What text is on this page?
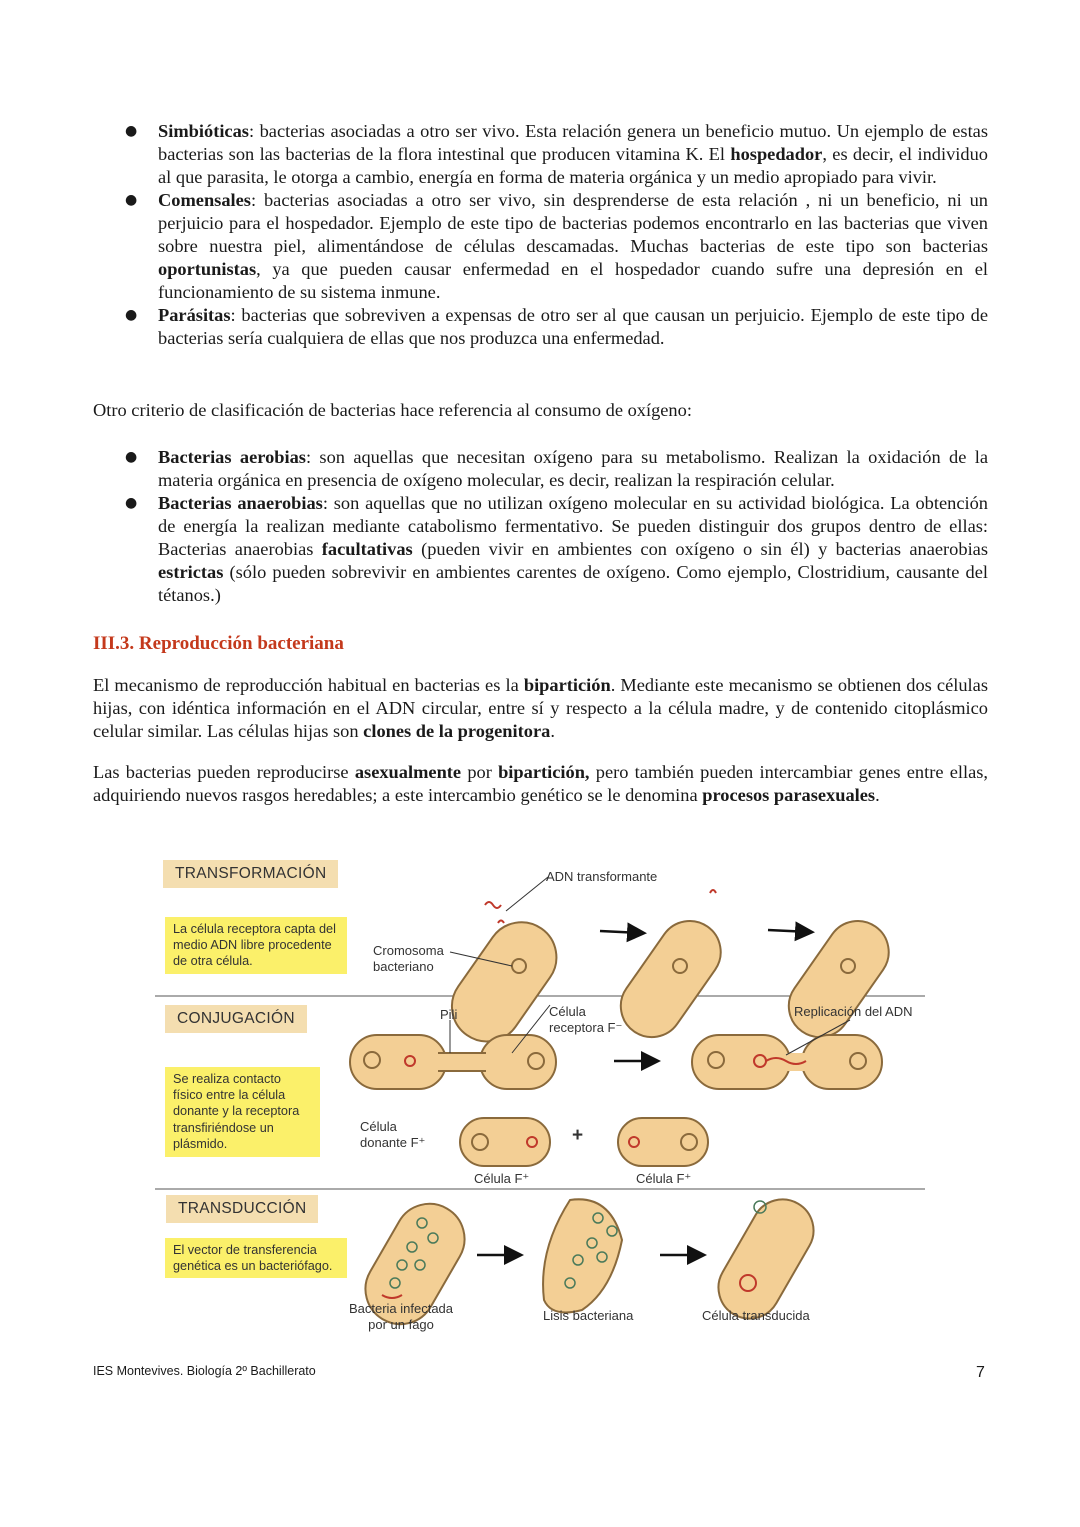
● Simbióticas: bacterias asociadas a otro ser vivo. Esta relación genera un beneficio mutuo. Un ejemplo de estas bacterias son las bacterias de la flora intestinal que producen vitamina K. El hospedador, es decir, el individuo al que parasita, le otorga a cambio, energía en forma de materia orgánica y un medio apropiado para vivir.
● Comensales: bacterias asociadas a otro ser vivo, sin desprenderse de esta relación , ni un beneficio, ni un perjuicio para el hospedador. Ejemplo de este tipo de bacterias podemos encontrarlo en las bacterias que viven sobre nuestra piel, alimentándose de células descamadas. Muchas bacterias de este tipo son bacterias oportunistas, ya que pueden causar enfermedad en el hospedador cuando sufre una depresión en el funcionamiento de su sistema inmune.
● Parásitas: bacterias que sobreviven a expensas de otro ser al que causan un perjuicio. Ejemplo de este tipo de bacterias sería cualquiera de ellas que nos produzca una enfermedad.

Otro criterio de clasificación de bacterias hace referencia al consumo de oxígeno:

● Bacterias aerobias: son aquellas que necesitan oxígeno para su metabolismo. Realizan la oxidación de la materia orgánica en presencia de oxígeno molecular, es decir, realizan la respiración celular.
● Bacterias anaerobias: son aquellas que no utilizan oxígeno molecular en su actividad biológica. La obtención de energía la realizan mediante catabolismo fermentativo. Se pueden distinguir dos grupos dentro de ellas: Bacterias anaerobias facultativas (pueden vivir en ambientes con oxígeno o sin él) y bacterias anaerobias estrictas (sólo pueden sobrevivir en ambientes carentes de oxígeno. Como ejemplo, Clostridium, causante del tétanos.)
III.3. Reproducción bacteriana

El mecanismo de reproducción habitual en bacterias es la bipartición. Mediante este mecanismo se obtienen dos células hijas, con idéntica información en el ADN circular, entre sí y respecto a la célula madre, y de contenido citoplásmico celular similar. Las células hijas son clones de la progenitora.

Las bacterias pueden reproducirse asexualmente por bipartición, pero también pueden intercambiar genes entre ellas, adquiriendo nuevos rasgos heredables; a este intercambio genético se le denomina procesos parasexuales.

TRANSFORMACIÓN
La célula receptora capta del medio ADN libre procedente de otra célula.
ADN transformante
Cromosoma bacteriano
CONJUGACIÓN
Se realiza contacto físico entre la célula donante y la receptora transfiriéndose un plásmido.
Pili	Célula receptora F⁻
Replicación del ADN
Célula donante F⁺	+
Célula F⁺	Célula F⁺
TRANSDUCCIÓN
El vector de transferencia genética es un bacteriófago.
Bacteria infectada por un fago
Lisis bacteriana	Célula transducida
IES Montevives. Biología 2º Bachillerato	7
